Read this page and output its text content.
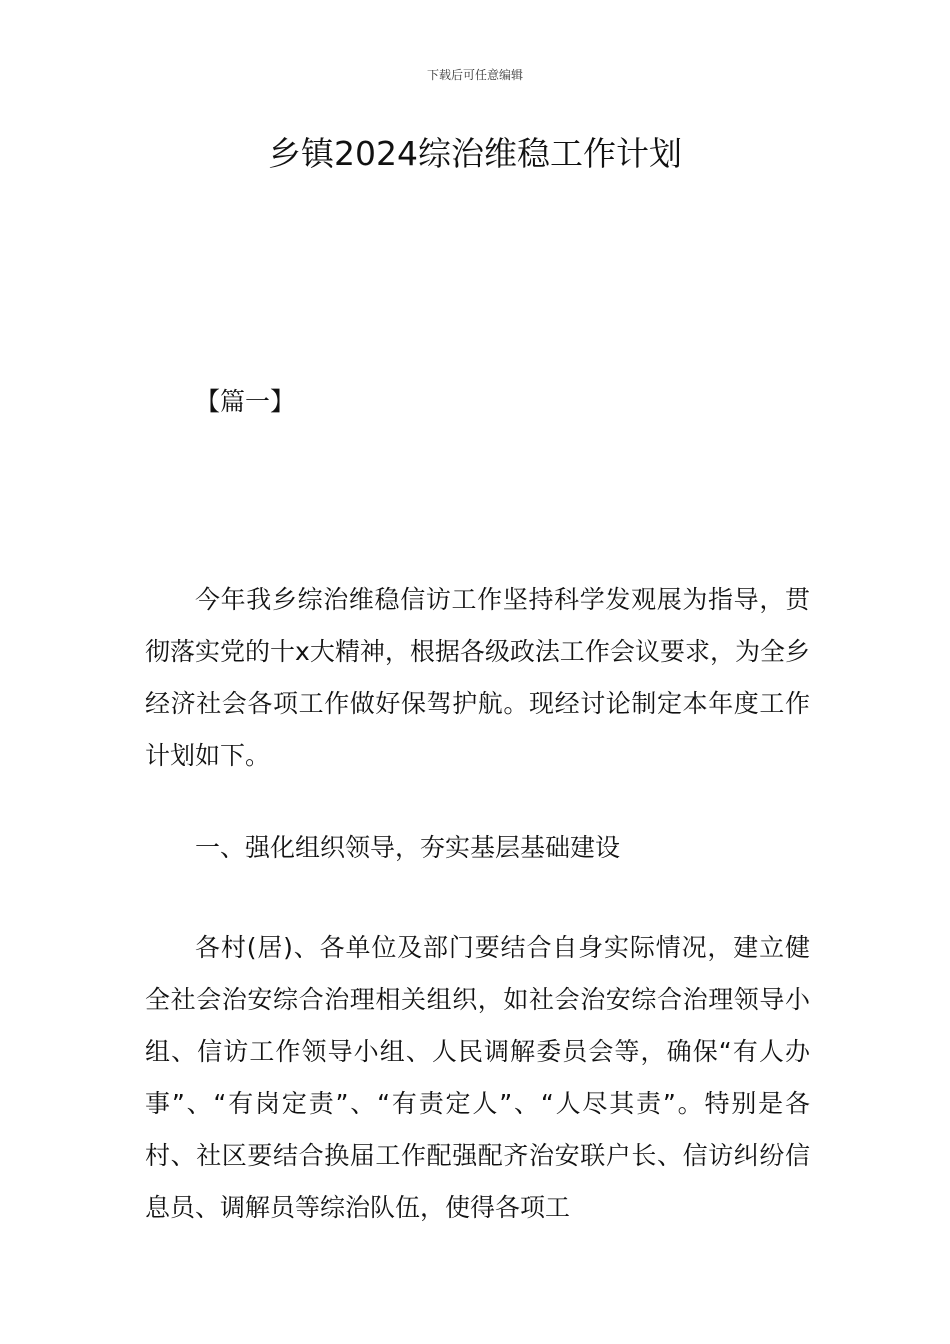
下载后可任意编辑
乡镇2024综治维稳工作计划
【篇一】

今年我乡综治维稳信访工作坚持科学发观展为指导，贯彻落实党的十x大精神，根据各级政法工作会议要求，为全乡经济社会各项工作做好保驾护航。现经讨论制定本年度工作计划如下。

一、强化组织领导，夯实基层基础建设

各村(居)、各单位及部门要结合自身实际情况，建立健全社会治安综合治理相关组织，如社会治安综合治理领导小组、信访工作领导小组、人民调解委员会等，确保“有人办事”、“有岗定责”、“有责定人”、“人尽其责”。特别是各村、社区要结合换届工作配强配齐治安联户长、信访纠纷信息员、调解员等综治队伍，使得各项工
